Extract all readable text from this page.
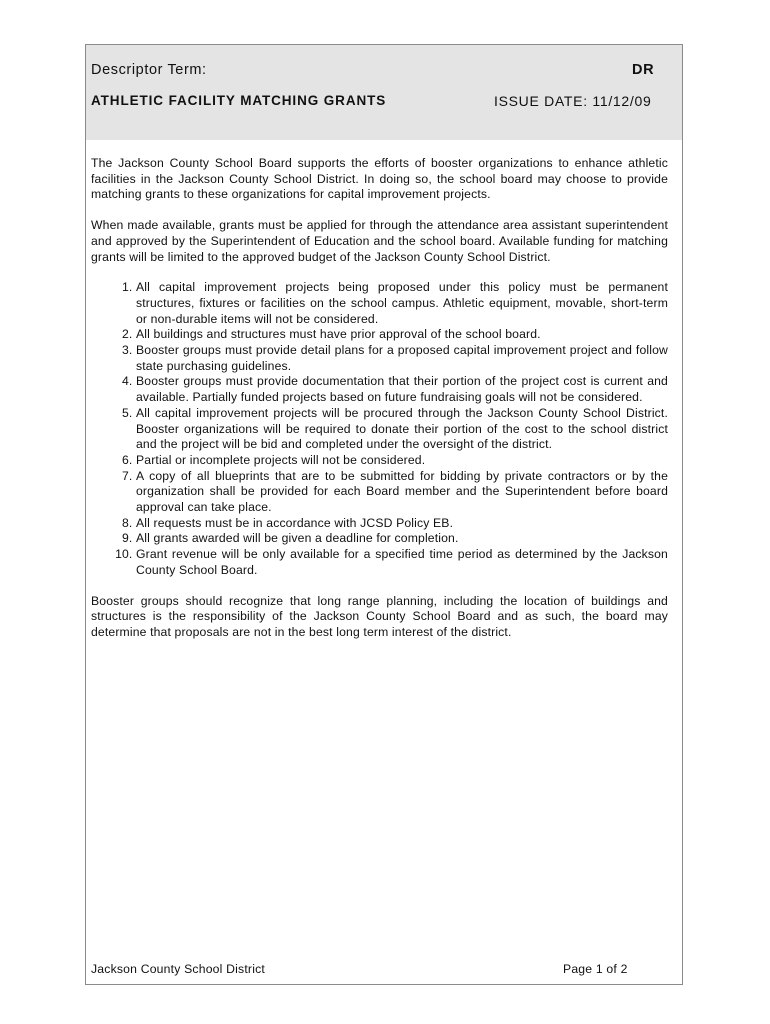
Descriptor Term:	DR
ATHLETIC FACILITY MATCHING GRANTS	ISSUE DATE: 11/12/09

The Jackson County School Board supports the efforts of booster organizations to enhance athletic facilities in the Jackson County School District. In doing so, the school board may choose to provide matching grants to these organizations for capital improvement projects.

When made available, grants must be applied for through the attendance area assistant superintendent and approved by the Superintendent of Education and the school board. Available funding for matching grants will be limited to the approved budget of the Jackson County School District.

1. All capital improvement projects being proposed under this policy must be permanent structures, fixtures or facilities on the school campus. Athletic equipment, movable, short-term or non-durable items will not be considered.
2. All buildings and structures must have prior approval of the school board.
3. Booster groups must provide detail plans for a proposed capital improvement project and follow state purchasing guidelines.
4. Booster groups must provide documentation that their portion of the project cost is current and available. Partially funded projects based on future fundraising goals will not be considered.
5. All capital improvement projects will be procured through the Jackson County School District. Booster organizations will be required to donate their portion of the cost to the school district and the project will be bid and completed under the oversight of the district.
6. Partial or incomplete projects will not be considered.
7. A copy of all blueprints that are to be submitted for bidding by private contractors or by the organization shall be provided for each Board member and the Superintendent before board approval can take place.
8. All requests must be in accordance with JCSD Policy EB.
9. All grants awarded will be given a deadline for completion.
10. Grant revenue will be only available for a specified time period as determined by the Jackson County School Board.

Booster groups should recognize that long range planning, including the location of buildings and structures is the responsibility of the Jackson County School Board and as such, the board may determine that proposals are not in the best long term interest of the district.

Jackson County School District	Page 1 of 2
